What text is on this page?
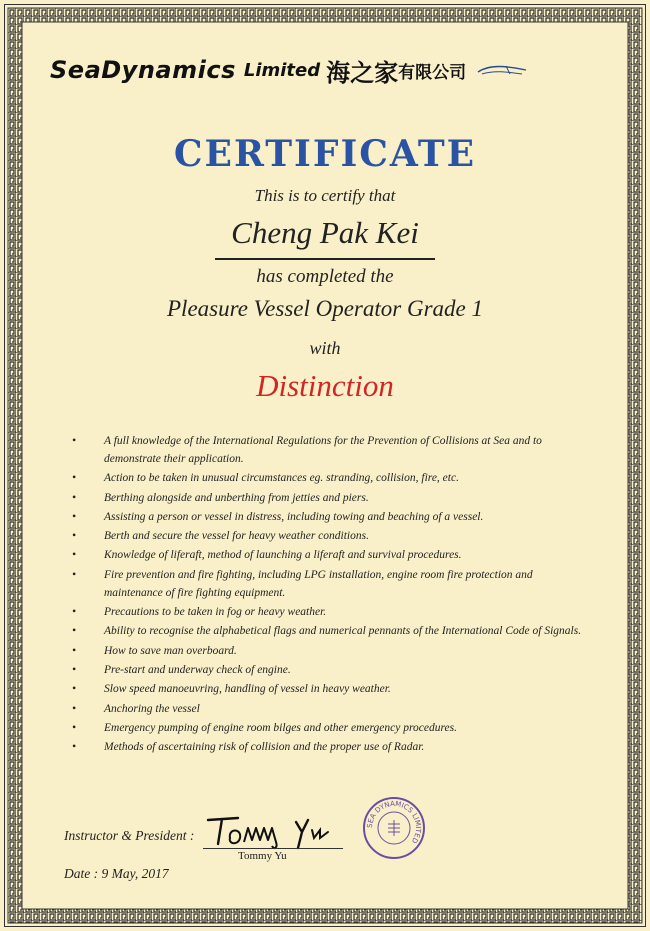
SeaDynamics Limited 海之家 有限公司
CERTIFICATE
This is to certify that
Cheng Pak Kei
has completed the
Pleasure Vessel Operator Grade 1
with
Distinction
• A full knowledge of the International Regulations for the Prevention of Collisions at Sea and to demonstrate their application.
• Action to be taken in unusual circumstances eg. stranding, collision, fire, etc.
• Berthing alongside and unberthing from jetties and piers.
• Assisting a person or vessel in distress, including towing and beaching of a vessel.
• Berth and secure the vessel for heavy weather conditions.
• Knowledge of liferaft, method of launching a liferaft and survival procedures.
• Fire prevention and fire fighting, including LPG installation, engine room fire protection and maintenance of fire fighting equipment.
• Precautions to be taken in fog or heavy weather.
• Ability to recognise the alphabetical flags and numerical pennants of the International Code of Signals.
• How to save man overboard.
• Pre-start and underway check of engine.
• Slow speed manoeuvring, handling of vessel in heavy weather.
• Anchoring the vessel
• Emergency pumping of engine room bilges and other emergency procedures.
• Methods of ascertaining risk of collision and the proper use of Radar.
Instructor & President :
Tommy Yu
SEA DYNAMICS LIMITED
Date : 9 May, 2017
